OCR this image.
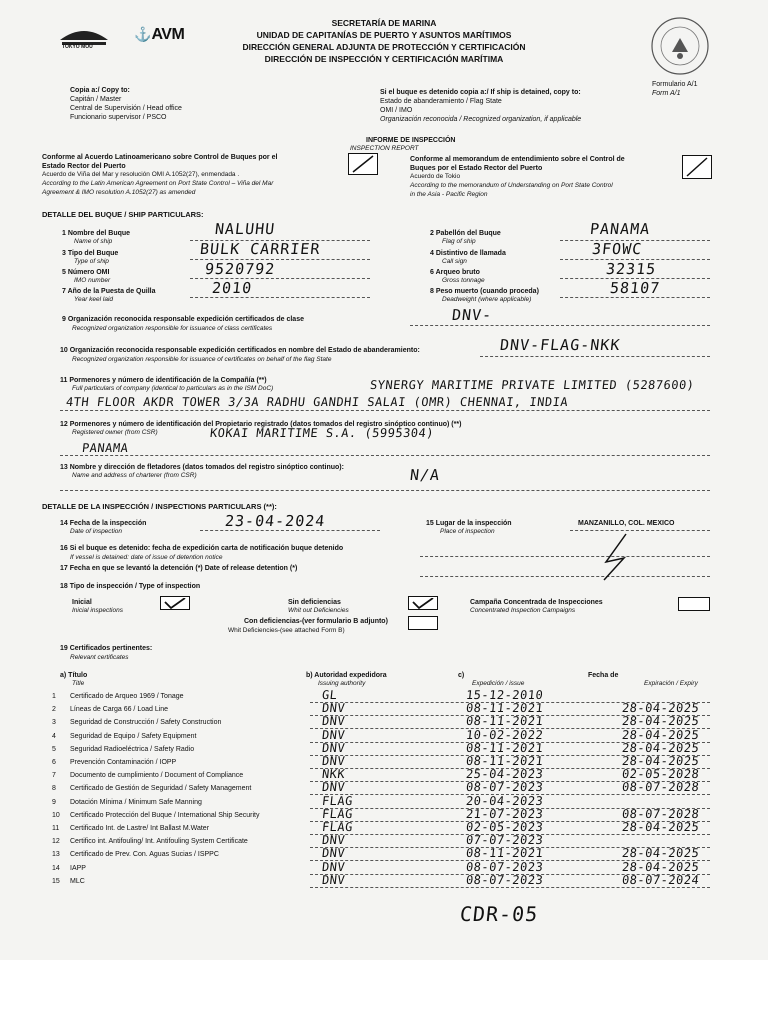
TOKYO MOU
⚓AVM
SECRETARÍA DE MARINA
UNIDAD DE CAPITANÍAS DE PUERTO Y ASUNTOS MARÍTIMOS
DIRECCIÓN GENERAL ADJUNTA DE PROTECCIÓN Y CERTIFICACIÓN
DIRECCIÓN DE INSPECCIÓN Y CERTIFICACIÓN MARÍTIMA
Formulario A/1
Form A/1
Copia a:/ Copy to:
Capitán / Master
Central de Supervisión / Head office
Funcionario supervisor / PSCO
Si el buque es detenido copia a:/ If ship is detained, copy to:
Estado de abanderamiento / Flag State
OMI / IMO
Organización reconocida / Recognized organization, if applicable
INFORME DE INSPECCIÓN
INSPECTION REPORT
Conforme al Acuerdo Latinoamericano sobre Control de Buques por el
Estado Rector del Puerto
Acuerdo de Viña del Mar y resolución OMI A.1052(27), enmendada .
According to the Latin American Agreement on Port State Control – Viña del Mar
Agreement & IMO resolution A.1052(27) as amended
Conforme al memorandum de entendimiento sobre el Control de
Buques por el Estado Rector del Puerto
Acuerdo de Tokio
According to the memorandum of Understanding on Port State Control
in the Asia - Pacific Region
DETALLE DEL BUQUE / SHIP PARTICULARS:
1 Nombre del Buque
Name of ship
NALUHU
3 Tipo del Buque
Type of ship
BULK CARRIER
5 Número OMI
IMO number
9520792
7 Año de la Puesta de Quilla
Year keel laid
2010
2 Pabellón del Buque
Flag of ship
PANAMA
4 Distintivo de llamada
Call sign
3FOWC
6 Arqueo bruto
Gross tonnage
32315
8 Peso muerto (cuando proceda)
Deadweight (where applicable)
58107
9 Organización reconocida responsable expedición certificados de clase
Recognized organization responsible for issuance of class certificates
DNV-
10 Organización reconocida responsable expedición certificados en nombre del Estado de abanderamiento:
Recognized organization responsible for issuance of certificates on behalf of the flag State
DNV-FLAG-NKK
11 Pormenores y número de identificación de la Compañía (**)
Full particulars of company (identical to particulars as in the ISM DoC)	SYNERGY MARITIME PRIVATE LIMITED (5287600)
4TH FLOOR AKDR TOWER 3/3A RADHU GANDHI SALAI (OMR) CHENNAI, INDIA
12 Pormenores y número de identificación del Propietario registrado (datos tomados del registro sinóptico continuo) (**)
Registered owner (from CSR)	KOKAI MARITIME S.A. (5995304)
PANAMA
13 Nombre y dirección de fletadores (datos tomados del registro sinóptico continuo):
Name and address of charterer (from CSR)	N/A
DETALLE DE LA INSPECCIÓN / INSPECTIONS PARTICULARS (**):
14 Fecha de la inspección
Date of inspection
23-04-2024	15 Lugar de la inspección
Place of inspection
MANZANILLO, COL. MEXICO
16 Si el buque es detenido: fecha de expedición carta de notificación buque detenido
If vessel is detained: date of issue of detention notice
17 Fecha en que se levantó la detención (*) Date of release detention (*)
18 Tipo de inspección / Type of inspection
Inicial
Inicial inspections
Sin deficiencias
Whit out Deficiencies
Con deficiencias-(ver formulario B adjunto)
Whit Deficiencies-(see attached Form B)
Campaña Concentrada de Inspecciones
Concentrated Inspection Campaigns
19 Certificados pertinentes:
Relevant certificates
a) Título
Title
b) Autoridad expedidora
Issuing authority
c)	Fecha de
Expedición / issue	Expiración / Expiry
1 Certificado de Arqueo 1969 / Tonage	GL	15-12-2010
2 Líneas de Carga 66 / Load Line	DNV	08-11-2021	28-04-2025
3 Seguridad de Construcción / Safety Construction	DNV	08-11-2021	28-04-2025
4 Seguridad de Equipo / Safety Equipment	DNV	10-02-2022	28-04-2025
5 Seguridad Radioeléctrica / Safety Radio	DNV	08-11-2021	28-04-2025
6 Prevención Contaminación / IOPP	DNV	08-11-2021	28-04-2025
7 Documento de cumplimiento / Document of Compliance	NKK	25-04-2023	02-05-2028
8 Certificado de Gestión de Seguridad / Safety Management	DNV	08-07-2023	08-07-2028
9 Dotación Mínima / Minimum Safe Manning	FLAG	20-04-2023
10 Certificado Protección del Buque / International Ship Security	FLAG	21-07-2023	08-07-2028
11 Certificado Int. de Lastre/ Int Ballast M.Water	FLAG	02-05-2023	28-04-2025
12 Certifico int. Antifouling/ Int. Antifouling System Certificate	DNV	07-07-2023
13 Certificado de Prev. Con. Aguas Sucias / ISPPC	DNV	08-11-2021	28-04-2025
14 IAPP	DNV	08-07-2023	28-04-2025
15 MLC	DNV	08-07-2023	08-07-2024
CDR-05
